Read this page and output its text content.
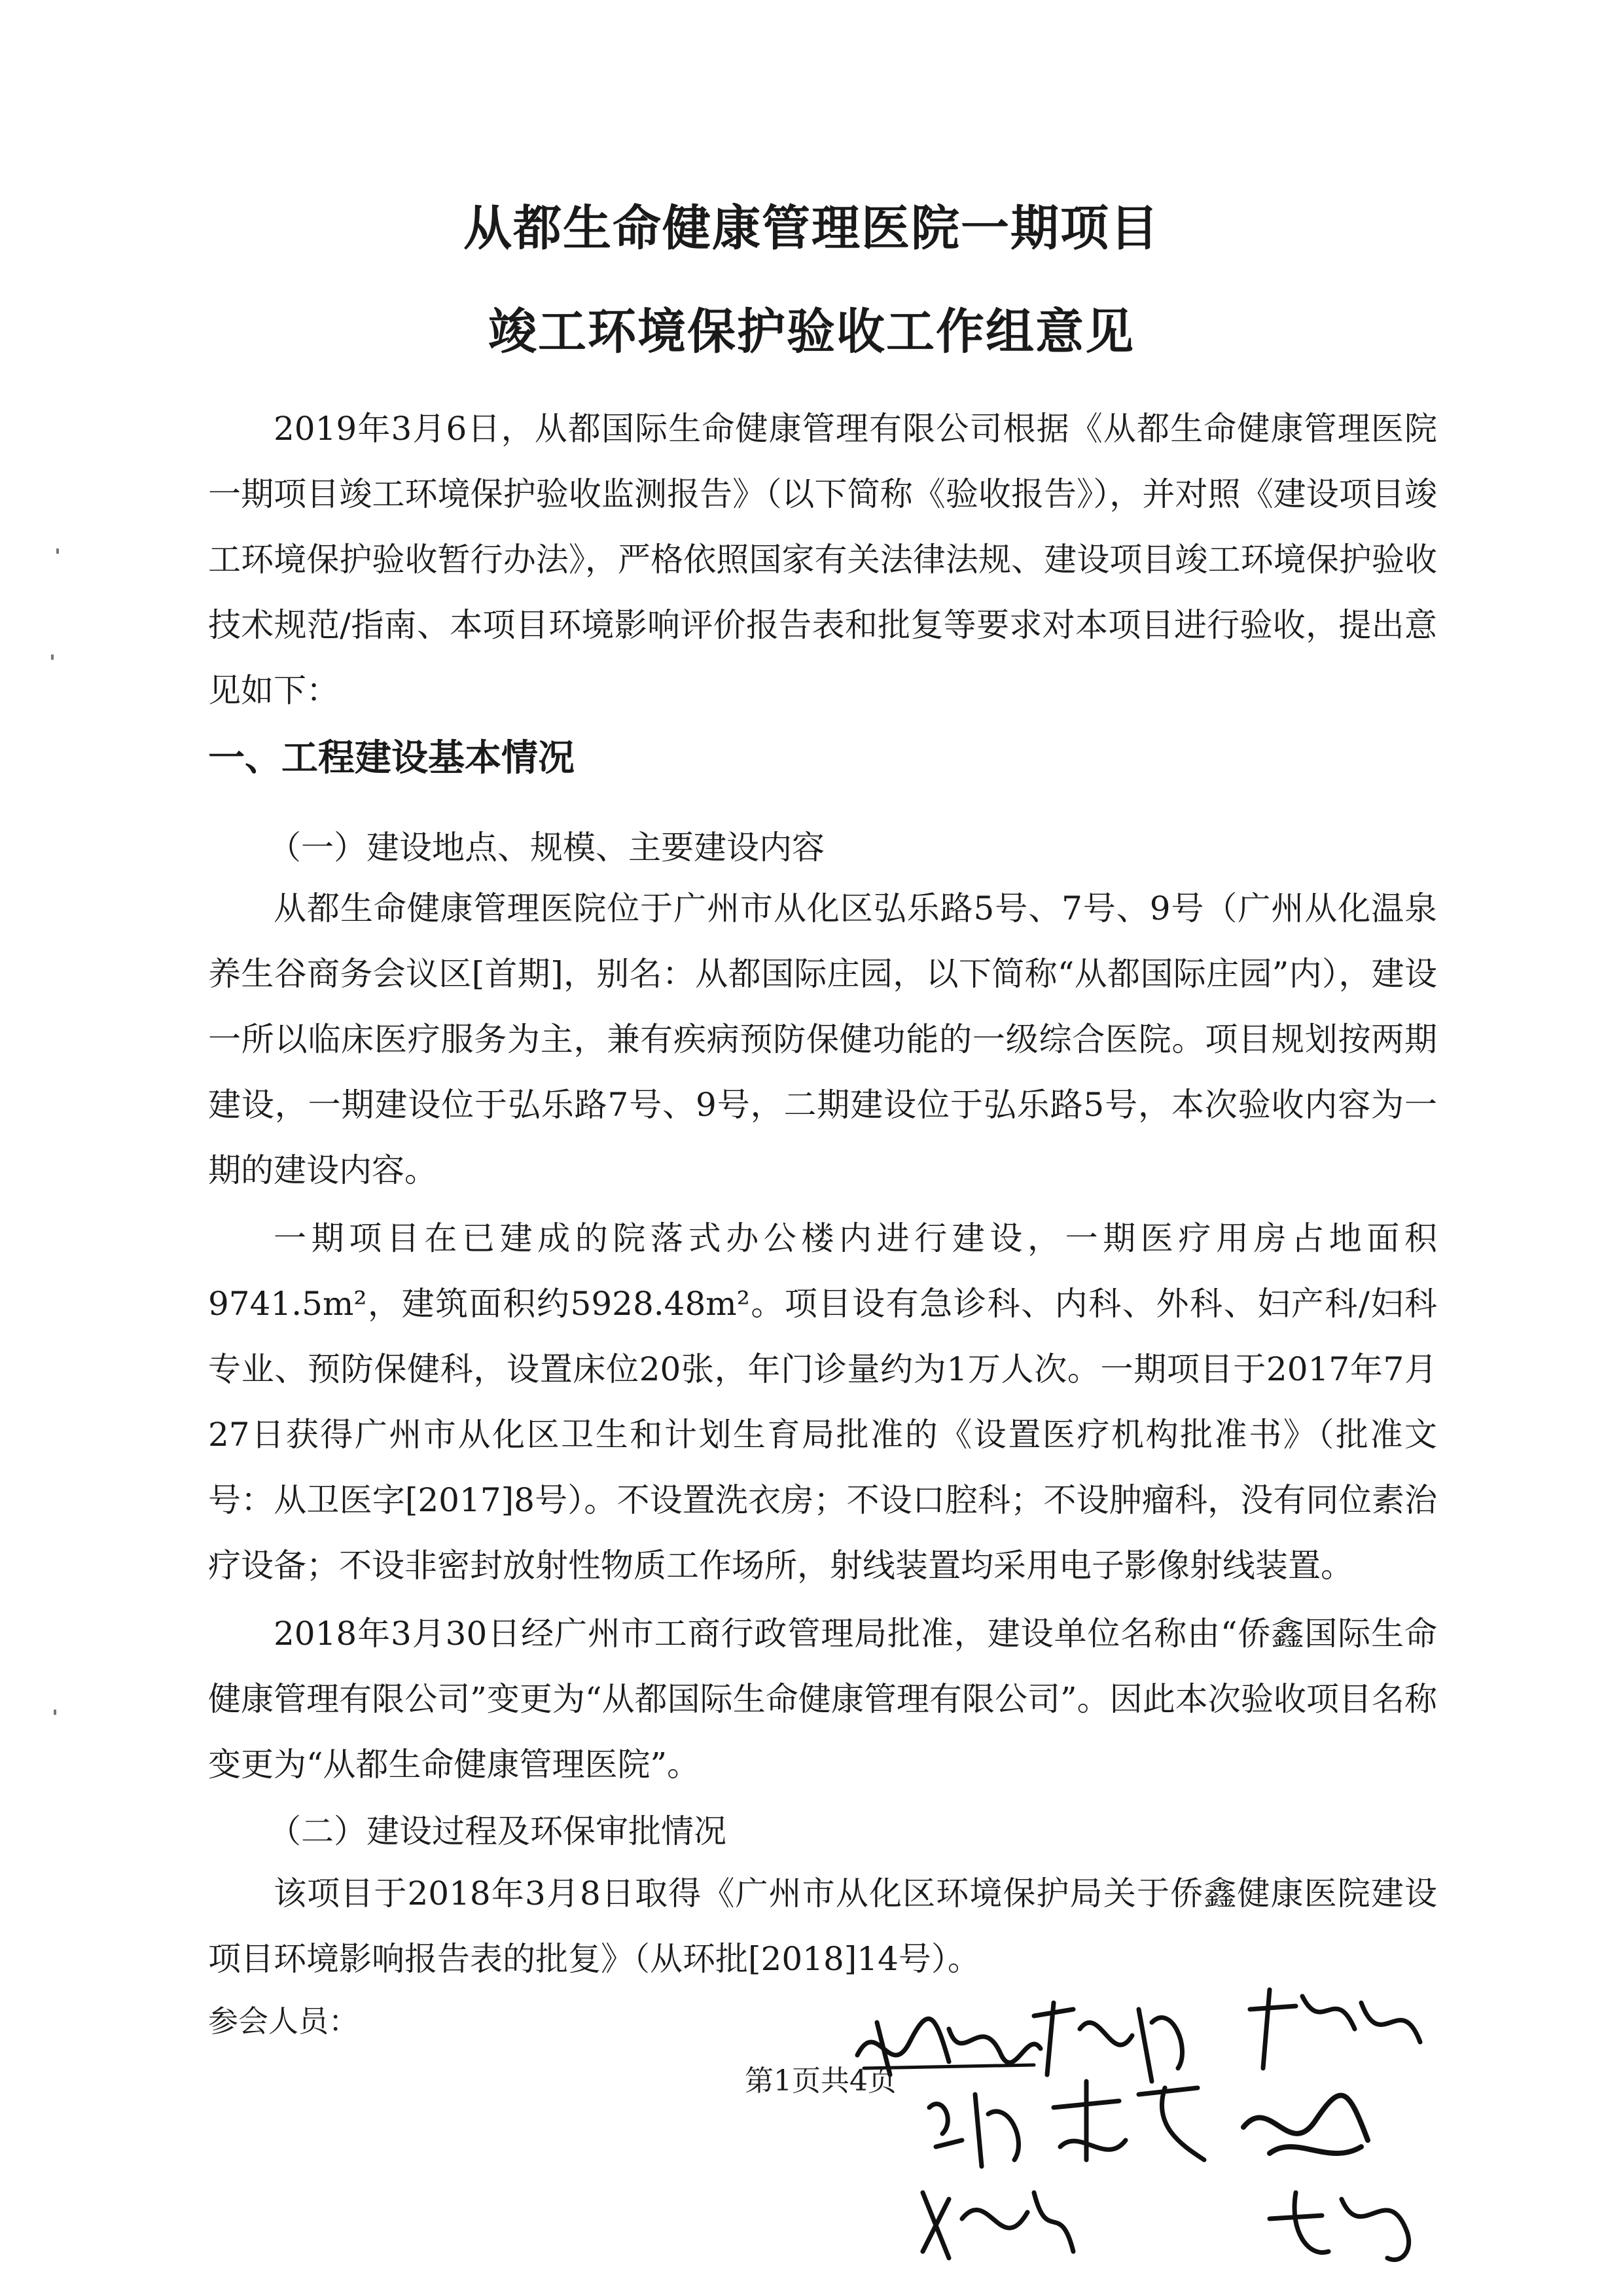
从都生命健康管理医院一期项目
竣工环境保护验收工作组意见

2019年3月6日，从都国际生命健康管理有限公司根据《从都生命健康管理医院一期项目竣工环境保护验收监测报告》（以下简称《验收报告》），并对照《建设项目竣工环境保护验收暂行办法》，严格依照国家有关法律法规、建设项目竣工环境保护验收技术规范/指南、本项目环境影响评价报告表和批复等要求对本项目进行验收，提出意见如下：

一、工程建设基本情况

（一）建设地点、规模、主要建设内容

从都生命健康管理医院位于广州市从化区弘乐路5号、7号、9号（广州从化温泉养生谷商务会议区[首期]，别名：从都国际庄园，以下简称“从都国际庄园”内），建设一所以临床医疗服务为主，兼有疾病预防保健功能的一级综合医院。项目规划按两期建设，一期建设位于弘乐路7号、9号，二期建设位于弘乐路5号，本次验收内容为一期的建设内容。

一期项目在已建成的院落式办公楼内进行建设，一期医疗用房占地面积9741.5m²，建筑面积约5928.48m²。项目设有急诊科、内科、外科、妇产科/妇科专业、预防保健科，设置床位20张，年门诊量约为1万人次。一期项目于2017年7月27日获得广州市从化区卫生和计划生育局批准的《设置医疗机构批准书》（批准文号：从卫医字[2017]8号）。不设置洗衣房；不设口腔科；不设肿瘤科，没有同位素治疗设备；不设非密封放射性物质工作场所，射线装置均采用电子影像射线装置。

2018年3月30日经广州市工商行政管理局批准，建设单位名称由“侨鑫国际生命健康管理有限公司”变更为“从都国际生命健康管理有限公司”。因此本次验收项目名称变更为“从都生命健康管理医院”。

（二）建设过程及环保审批情况

该项目于2018年3月8日取得《广州市从化区环境保护局关于侨鑫健康医院建设项目环境影响报告表的批复》（从环批[2018]14号）。

参会人员：

第1页共4页
